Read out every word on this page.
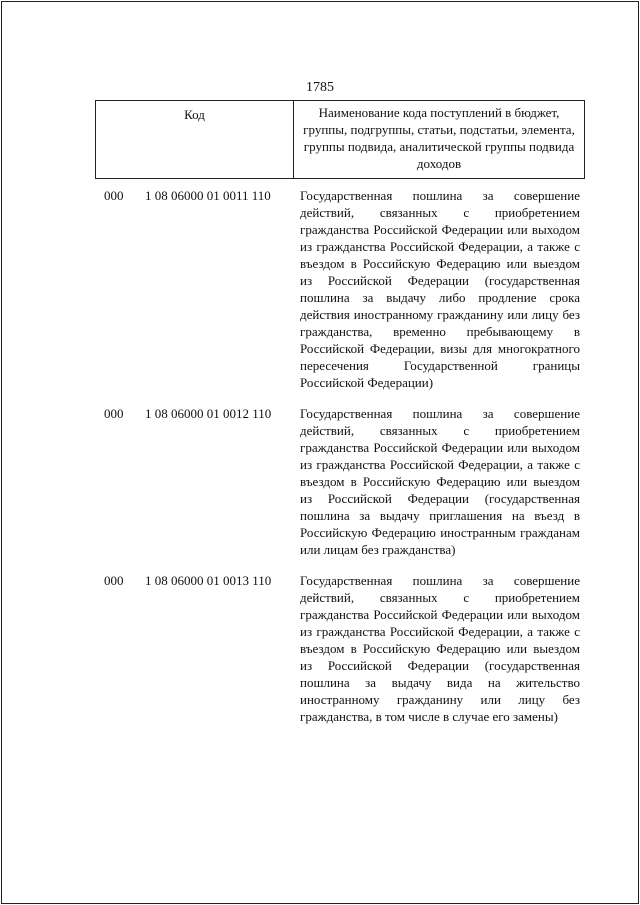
1785
Код	Наименование кода поступлений в бюджет, группы, подгруппы, статьи, подстатьи, элемента, группы подвида, аналитической группы подвида доходов
000 1 08 06000 01 0011 110 Государственная пошлина за совершение действий, связанных с приобретением гражданства Российской Федерации или выходом из гражданства Российской Федерации, а также с въездом в Российскую Федерацию или выездом из Российской Федерации (государственная пошлина за выдачу либо продление срока действия иностранному гражданину или лицу без гражданства, временно пребывающему в Российской Федерации, визы для многократного пересечения Государственной границы Российской Федерации)
000 1 08 06000 01 0012 110 Государственная пошлина за совершение действий, связанных с приобретением гражданства Российской Федерации или выходом из гражданства Российской Федерации, а также с въездом в Российскую Федерацию или выездом из Российской Федерации (государственная пошлина за выдачу приглашения на въезд в Российскую Федерацию иностранным гражданам или лицам без гражданства)
000 1 08 06000 01 0013 110 Государственная пошлина за совершение действий, связанных с приобретением гражданства Российской Федерации или выходом из гражданства Российской Федерации, а также с въездом в Российскую Федерацию или выездом из Российской Федерации (государственная пошлина за выдачу вида на жительство иностранному гражданину или лицу без гражданства, в том числе в случае его замены)
